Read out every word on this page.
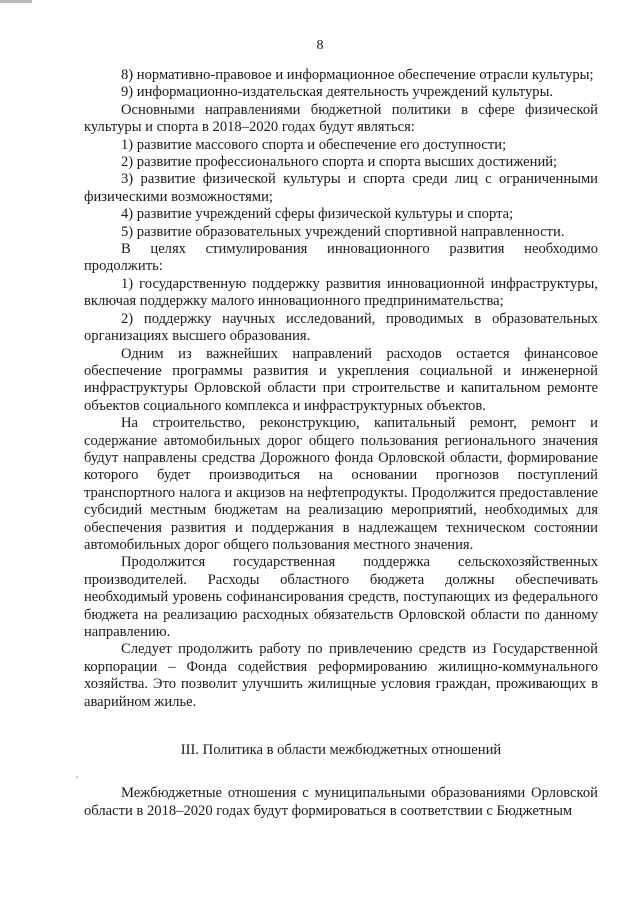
8

8) нормативно-правовое и информационное обеспечение отрасли культуры;

9) информационно-издательская деятельность учреждений культуры.

Основными направлениями бюджетной политики в сфере физической культуры и спорта в 2018–2020 годах будут являться:

1) развитие массового спорта и обеспечение его доступности;

2) развитие профессионального спорта и спорта высших достижений;

3) развитие физической культуры и спорта среди лиц с ограниченными физическими возможностями;

4) развитие учреждений сферы физической культуры и спорта;

5) развитие образовательных учреждений спортивной направленности.

В целях стимулирования инновационного развития необходимо продолжить:

1) государственную поддержку развития инновационной инфраструктуры, включая поддержку малого инновационного предпринимательства;

2) поддержку научных исследований, проводимых в образовательных организациях высшего образования.

Одним из важнейших направлений расходов остается финансовое обеспечение программы развития и укрепления социальной и инженерной инфраструктуры Орловской области при строительстве и капитальном ремонте объектов социального комплекса и инфраструктурных объектов.

На строительство, реконструкцию, капитальный ремонт, ремонт и содержание автомобильных дорог общего пользования регионального значения будут направлены средства Дорожного фонда Орловской области, формирование которого будет производиться на основании прогнозов поступлений транспортного налога и акцизов на нефтепродукты. Продолжится предоставление субсидий местным бюджетам на реализацию мероприятий, необходимых для обеспечения развития и поддержания в надлежащем техническом состоянии автомобильных дорог общего пользования местного значения.

Продолжится государственная поддержка сельскохозяйственных производителей. Расходы областного бюджета должны обеспечивать необходимый уровень софинансирования средств, поступающих из федерального бюджета на реализацию расходных обязательств Орловской области по данному направлению.

Следует продолжить работу по привлечению средств из Государственной корпорации – Фонда содействия реформированию жилищно-коммунального хозяйства. Это позволит улучшить жилищные условия граждан, проживающих в аварийном жилье.

III. Политика в области межбюджетных отношений

Межбюджетные отношения с муниципальными образованиями Орловской области в 2018–2020 годах будут формироваться в соответствии с Бюджетным
